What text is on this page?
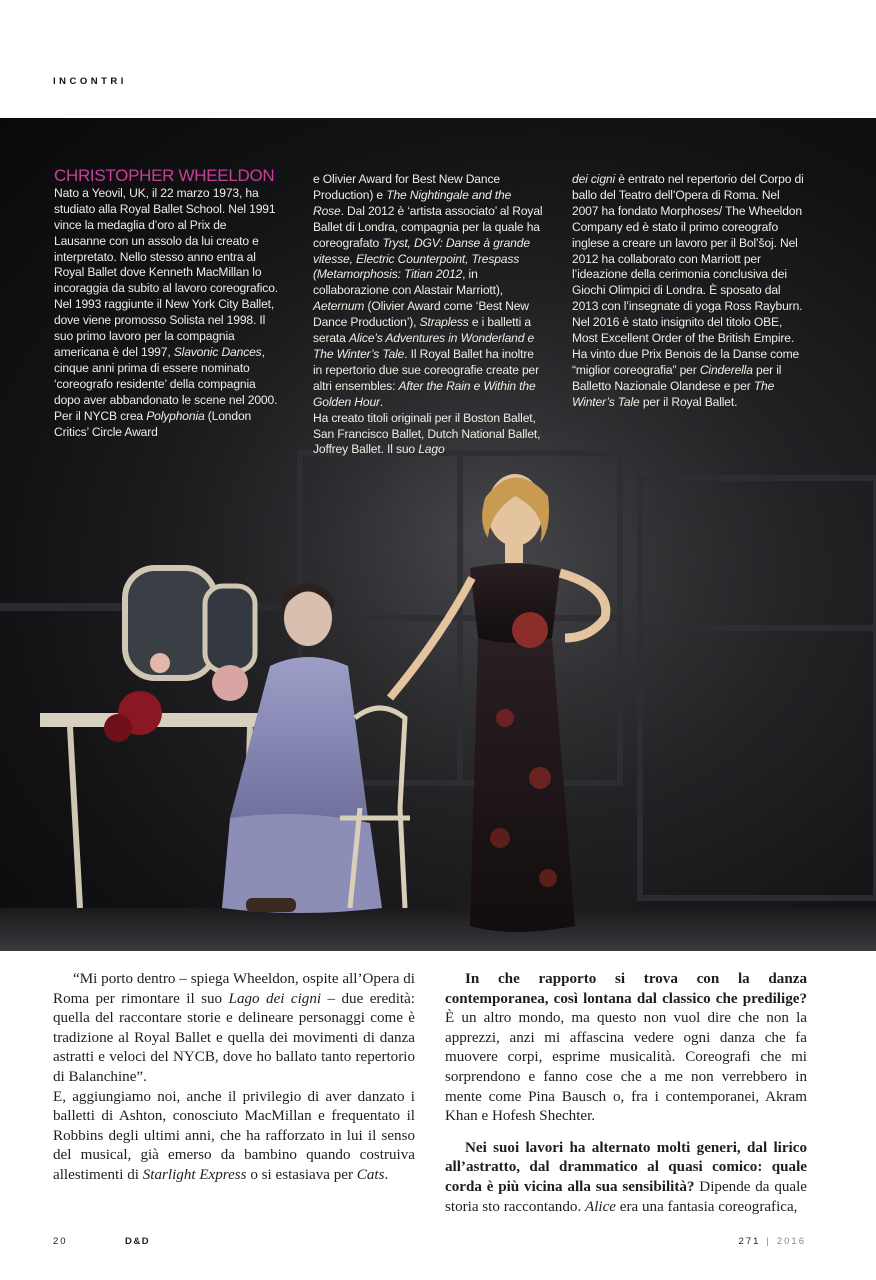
INCONTRI
CHRISTOPHER WHEELDON

Nato a Yeovil, UK, il 22 marzo 1973, ha studiato alla Royal Ballet School. Nel 1991 vince la medaglia d’oro al Prix de Lausanne con un assolo da lui creato e interpretato. Nello stesso anno entra al Royal Ballet dove Kenneth MacMillan lo incoraggia da subito al lavoro coreografico. Nel 1993 raggiunte il New York City Ballet, dove viene promosso Solista nel 1998. Il suo primo lavoro per la compagnia americana è del 1997, Slavonic Dances, cinque anni prima di essere nominato ‘coreografo residente’ della compagnia dopo aver abbandonato le scene nel 2000. Per il NYCB crea Polyphonia (London Critics’ Circle Award

e Olivier Award for Best New Dance Production) e The Nightingale and the Rose. Dal 2012 è ‘artista associato’ al Royal Ballet di Londra, compagnia per la quale ha coreografato Tryst, DGV: Danse à grande vitesse, Electric Counterpoint, Trespass (Metamorphosis: Titian 2012, in collaborazione con Alastair Marriott), Aeternum (Olivier Award come ‘Best New Dance Production’), Strapless e i balletti a serata Alice’s Adventures in Wonderland e The Winter’s Tale. Il Royal Ballet ha inoltre in repertorio due sue coreografie create per altri ensembles: After the Rain e Within the Golden Hour.
Ha creato titoli originali per il Boston Ballet, San Francisco Ballet, Dutch National Ballet, Joffrey Ballet. Il suo Lago

dei cigni è entrato nel repertorio del Corpo di ballo del Teatro dell’Opera di Roma. Nel 2007 ha fondato Morphoses/ The Wheeldon Company ed è stato il primo coreografo inglese a creare un lavoro per il Bol’šoj. Nel 2012 ha collaborato con Marriott per l’ideazione della cerimonia conclusiva dei Giochi Olimpici di Londra. È sposato dal 2013 con l’insegnate di yoga Ross Rayburn. Nel 2016 è stato insignito del titolo OBE, Most Excellent Order of the British Empire.
Ha vinto due Prix Benois de la Danse come “miglior coreografia” per Cinderella per il Balletto Nazionale Olandese e per The Winter’s Tale per il Royal Ballet.

“Mi porto dentro – spiega Wheeldon, ospite all’Opera di Roma per rimontare il suo Lago dei cigni – due eredità: quella del raccontare storie e delineare personaggi come è tradizione al Royal Ballet e quella dei movimenti di danza astratti e veloci del NYCB, dove ho ballato tanto repertorio di Balanchine”.

E, aggiungiamo noi, anche il privilegio di aver danzato i balletti di Ashton, conosciuto MacMillan e frequentato il Robbins degli ultimi anni, che ha rafforzato in lui il senso del musical, già emerso da bambino quando costruiva allestimenti di Starlight Express o si estasiava per Cats.

In che rapporto si trova con la danza contemporanea, così lontana dal classico che predilige? È un altro mondo, ma questo non vuol dire che non la apprezzi, anzi mi affascina vedere ogni danza che fa muovere corpi, esprime musicalità. Coreografi che mi sorprendono e fanno cose che a me non verrebbero in mente come Pina Bausch o, fra i contemporanei, Akram Khan e Hofesh Shechter.

Nei suoi lavori ha alternato molti generi, dal lirico all’astratto, dal drammatico al quasi comico: quale corda è più vicina alla sua sensibilità? Dipende da quale storia sto raccontando. Alice era una fantasia coreografica,

20	D&D	271 | 2016
